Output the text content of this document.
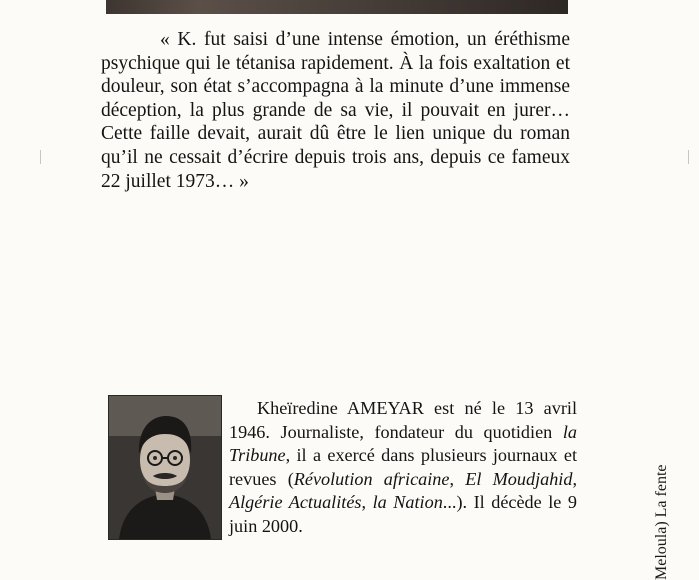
« K. fut saisi d’une intense émotion, un éréthisme psychique qui le tétanisa rapidement. À la fois exaltation et douleur, son état s’accompagna à la minute d’une immense déception, la plus grande de sa vie, il pouvait en jurer… Cette faille devait, aurait dû être le lien unique du roman qu’il ne cessait d’écrire depuis trois ans, depuis ce fameux 22 juillet 1973… »

Kheïredine AMEYAR est né le 13 avril 1946. Journaliste, fondateur du quotidien la Tribune, il a exercé dans plusieurs journaux et revues (Révolution africaine, El Moudjahid, Algérie Actualités, la Nation...). Il décède le 9 juin 2000.	Meloula) La fente
